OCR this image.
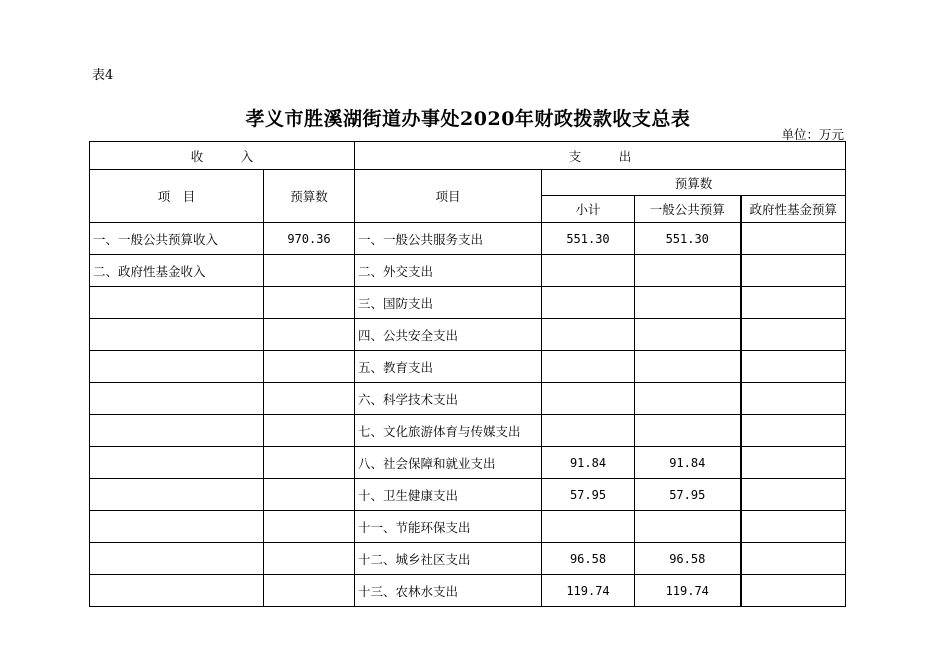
表4
孝义市胜溪湖街道办事处2020年财政拨款收支总表
单位：万元
收　　　入		支　　　出			
项　目	预算数	项目	预算数		
			小计	一般公共预算	政府性基金预算
一、一般公共预算收入	970.36	一、一般公共服务支出	551.30	551.30	
二、政府性基金收入		二、外交支出			
		三、国防支出			
		四、公共安全支出			
		五、教育支出			
		六、科学技术支出			
		七、文化旅游体育与传媒支出			
		八、社会保障和就业支出	91.84	91.84	
		十、卫生健康支出	57.95	57.95	
		十一、节能环保支出			
		十二、城乡社区支出	96.58	96.58	
		十三、农林水支出	119.74	119.74	
